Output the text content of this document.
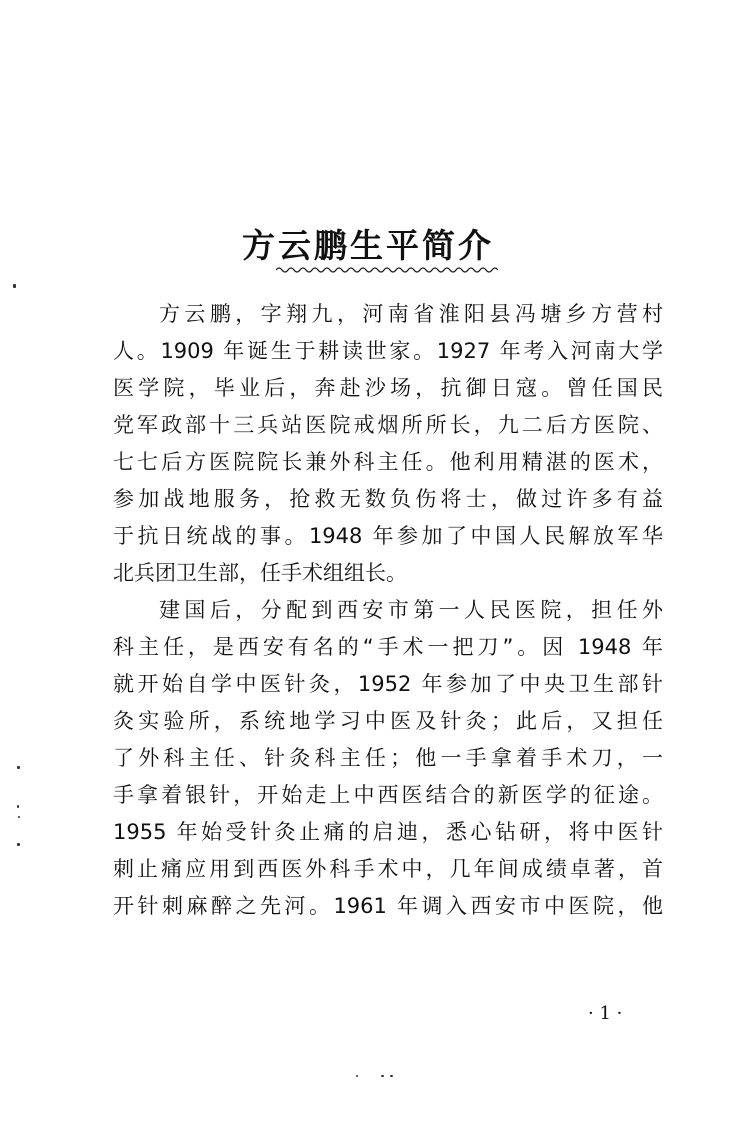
方云鹏生平简介
方云鹏，字翔九，河南省淮阳县冯塘乡方营村
人。1909 年诞生于耕读世家。1927 年考入河南大学
医学院，毕业后，奔赴沙场，抗御日寇。曾任国民
党军政部十三兵站医院戒烟所所长，九二后方医院、
七七后方医院院长兼外科主任。他利用精湛的医术，
参加战地服务，抢救无数负伤将士，做过许多有益
于抗日统战的事。1948 年参加了中国人民解放军华
北兵团卫生部，任手术组组长。
建国后，分配到西安市第一人民医院，担任外
科主任，是西安有名的“手术一把刀”。因 1948 年
就开始自学中医针灸，1952 年参加了中央卫生部针
灸实验所，系统地学习中医及针灸；此后，又担任
了外科主任、针灸科主任；他一手拿着手术刀，一
手拿着银针，开始走上中西医结合的新医学的征途。
1955 年始受针灸止痛的启迪，悉心钻研，将中医针
刺止痛应用到西医外科手术中，几年间成绩卓著，首
开针刺麻醉之先河。1961 年调入西安市中医院，他
· 1 ·
